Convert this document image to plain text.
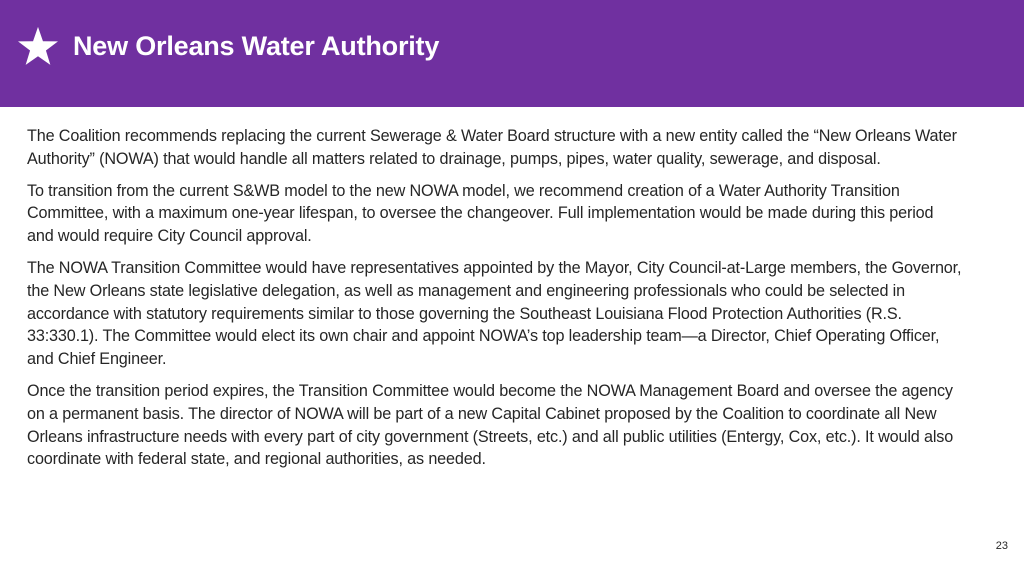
New Orleans Water Authority

The Coalition recommends replacing the current Sewerage & Water Board structure with a new entity called the “New Orleans Water Authority” (NOWA) that would handle all matters related to drainage, pumps, pipes, water quality, sewerage, and disposal.

To transition from the current S&WB model to the new NOWA model, we recommend creation of a Water Authority Transition Committee, with a maximum one-year lifespan, to oversee the changeover. Full implementation would be made during this period and would require City Council approval.

The NOWA Transition Committee would have representatives appointed by the Mayor, City Council-at-Large members, the Governor, the New Orleans state legislative delegation, as well as management and engineering professionals who could be selected in accordance with statutory requirements similar to those governing the Southeast Louisiana Flood Protection Authorities (R.S. 33:330.1). The Committee would elect its own chair and appoint NOWA’s top leadership team—a Director, Chief Operating Officer, and Chief Engineer.

Once the transition period expires, the Transition Committee would become the NOWA Management Board and oversee the agency on a permanent basis. The director of NOWA will be part of a new Capital Cabinet proposed by the Coalition to coordinate all New Orleans infrastructure needs with every part of city government (Streets, etc.) and all public utilities (Entergy, Cox, etc.). It would also coordinate with federal state, and regional authorities, as needed.

23
